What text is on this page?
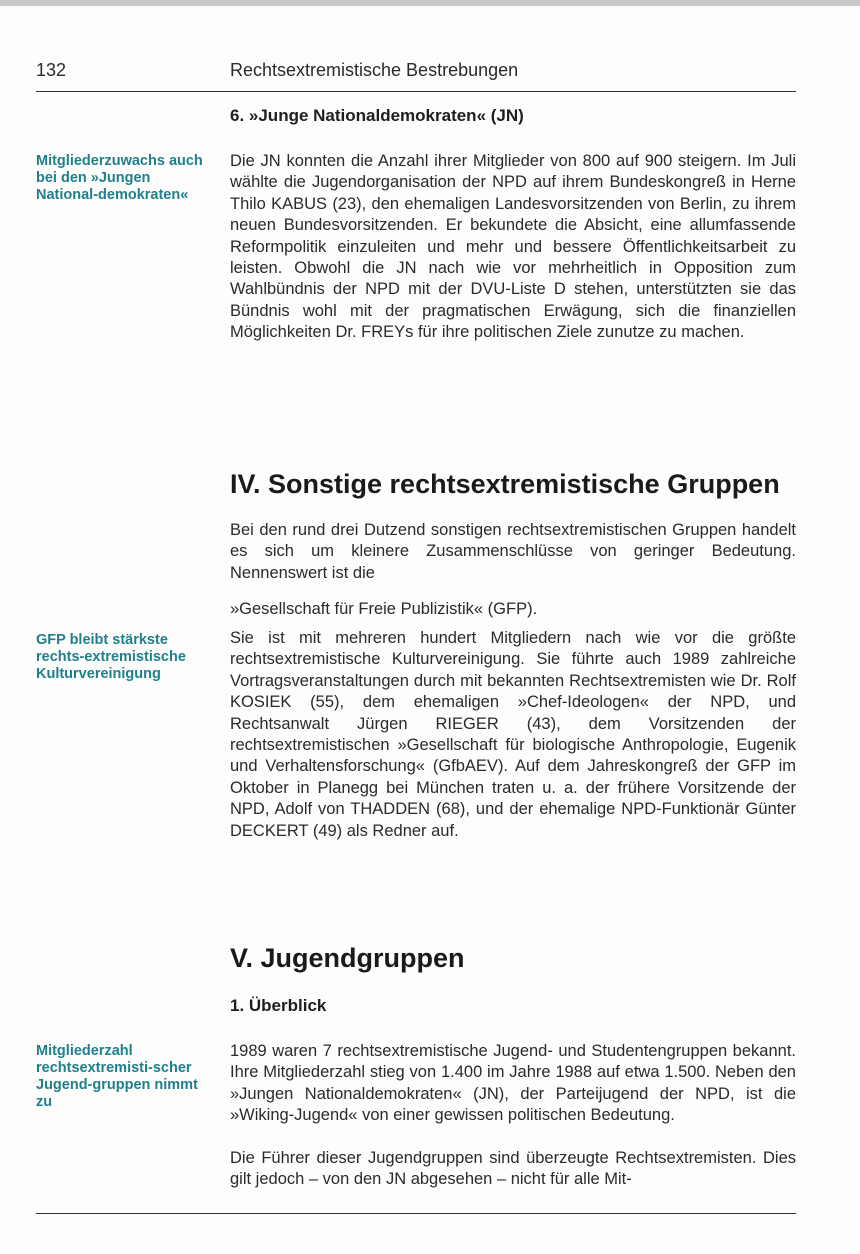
132	Rechtsextremistische Bestrebungen
6. »Junge Nationaldemokraten« (JN)
Mitgliederzuwachs auch bei den »Jungen National-demokraten«

Die JN konnten die Anzahl ihrer Mitglieder von 800 auf 900 steigern. Im Juli wählte die Jugendorganisation der NPD auf ihrem Bundeskongreß in Herne Thilo KABUS (23), den ehemaligen Landesvorsitzenden von Berlin, zu ihrem neuen Bundesvorsitzenden. Er bekundete die Absicht, eine allumfassende Reformpolitik einzuleiten und mehr und bessere Öffentlichkeitsarbeit zu leisten. Obwohl die JN nach wie vor mehrheitlich in Opposition zum Wahlbündnis der NPD mit der DVU-Liste D stehen, unterstützten sie das Bündnis wohl mit der pragmatischen Erwägung, sich die finanziellen Möglichkeiten Dr. FREYs für ihre politischen Ziele zunutze zu machen.

IV. Sonstige rechtsextremistische Gruppen

Bei den rund drei Dutzend sonstigen rechtsextremistischen Gruppen handelt es sich um kleinere Zusammenschlüsse von geringer Bedeutung. Nennenswert ist die

»Gesellschaft für Freie Publizistik« (GFP).

GFP bleibt stärkste rechts-extremistische Kulturvereinigung

Sie ist mit mehreren hundert Mitgliedern nach wie vor die größte rechtsextremistische Kulturvereinigung. Sie führte auch 1989 zahlreiche Vortragsveranstaltungen durch mit bekannten Rechtsextremisten wie Dr. Rolf KOSIEK (55), dem ehemaligen »Chef-Ideologen« der NPD, und Rechtsanwalt Jürgen RIEGER (43), dem Vorsitzenden der rechtsextremistischen »Gesellschaft für biologische Anthropologie, Eugenik und Verhaltensforschung« (GfbAEV). Auf dem Jahreskongreß der GFP im Oktober in Planegg bei München traten u. a. der frühere Vorsitzende der NPD, Adolf von THADDEN (68), und der ehemalige NPD-Funktionär Günter DECKERT (49) als Redner auf.

V. Jugendgruppen
1. Überblick
Mitgliederzahl rechtsextremisti-scher Jugend-gruppen nimmt zu

1989 waren 7 rechtsextremistische Jugend- und Studentengruppen bekannt. Ihre Mitgliederzahl stieg von 1.400 im Jahre 1988 auf etwa 1.500. Neben den »Jungen Nationaldemokraten« (JN), der Parteijugend der NPD, ist die »Wiking-Jugend« von einer gewissen politischen Bedeutung.

Die Führer dieser Jugendgruppen sind überzeugte Rechtsextremisten. Dies gilt jedoch – von den JN abgesehen – nicht für alle Mit-
